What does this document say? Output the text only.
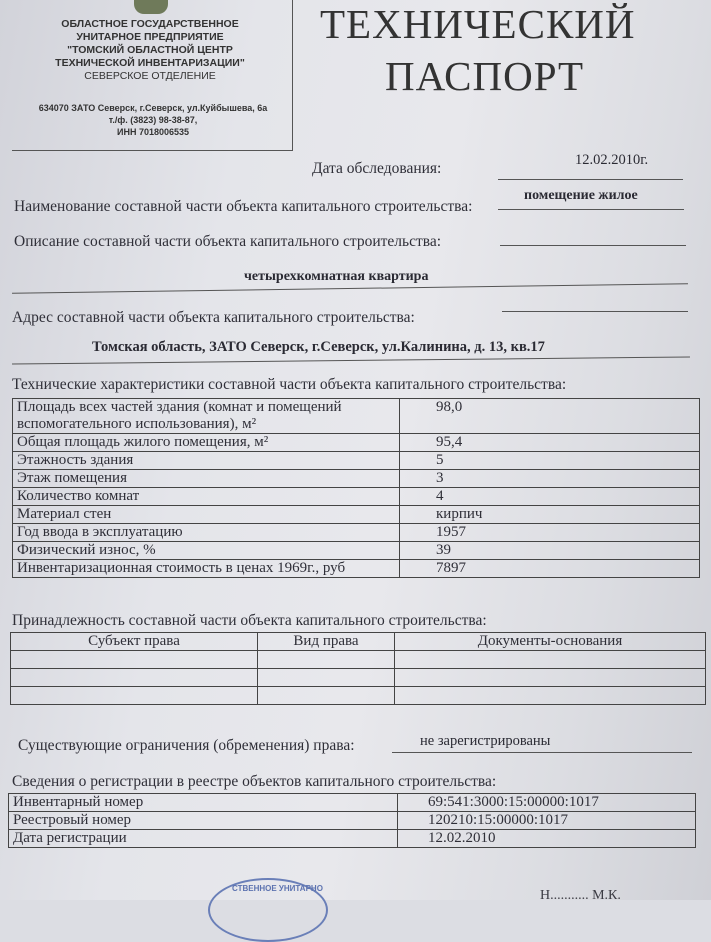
ОБЛАСТНОЕ ГОСУДАРСТВЕННОЕ
УНИТАРНОЕ ПРЕДПРИЯТИЕ
"ТОМСКИЙ ОБЛАСТНОЙ ЦЕНТР
ТЕХНИЧЕСКОЙ ИНВЕНТАРИЗАЦИИ"
СЕВЕРСКОЕ ОТДЕЛЕНИЕ
634070 ЗАТО Северск, г.Северск, ул.Куйбышева, 6а
т./ф. (3823) 98-38-87,
ИНН 7018006535
ТЕХНИЧЕСКИЙ
ПАСПОРТ
Дата обследования:	12.02.2010г.
Наименование составной части объекта капитального строительства:
помещение жилое
Описание составной части объекта капитального строительства:
четырехкомнатная квартира
Адрес составной части объекта капитального строительства:
Томская область, ЗАТО Северск, г.Северск, ул.Калинина, д. 13, кв.17
Технические характеристики составной части объекта капитального строительства:
Площадь всех частей здания (комнат и помещений
вспомогательного использования), м²	98,0
Общая площадь жилого помещения, м²	95,4
Этажность здания	5
Этаж помещения	3
Количество комнат	4
Материал стен	кирпич
Год ввода в эксплуатацию	1957
Физический износ, %	39
Инвентаризационная стоимость в ценах 1969г., руб	7897
Принадлежность составной части объекта капитального строительства:
Субъект права	Вид права	Документы-основания

Существующие ограничения (обременения) права:	не зарегистрированы
Сведения о регистрации в реестре объектов капитального строительства:
Инвентарный номер	69:541:3000:15:00000:1017
Реестровый номер	120210:15:00000:1017
Дата регистрации	12.02.2010
СТВЕННОЕ УНИТАРНО	Н........... М.К.
